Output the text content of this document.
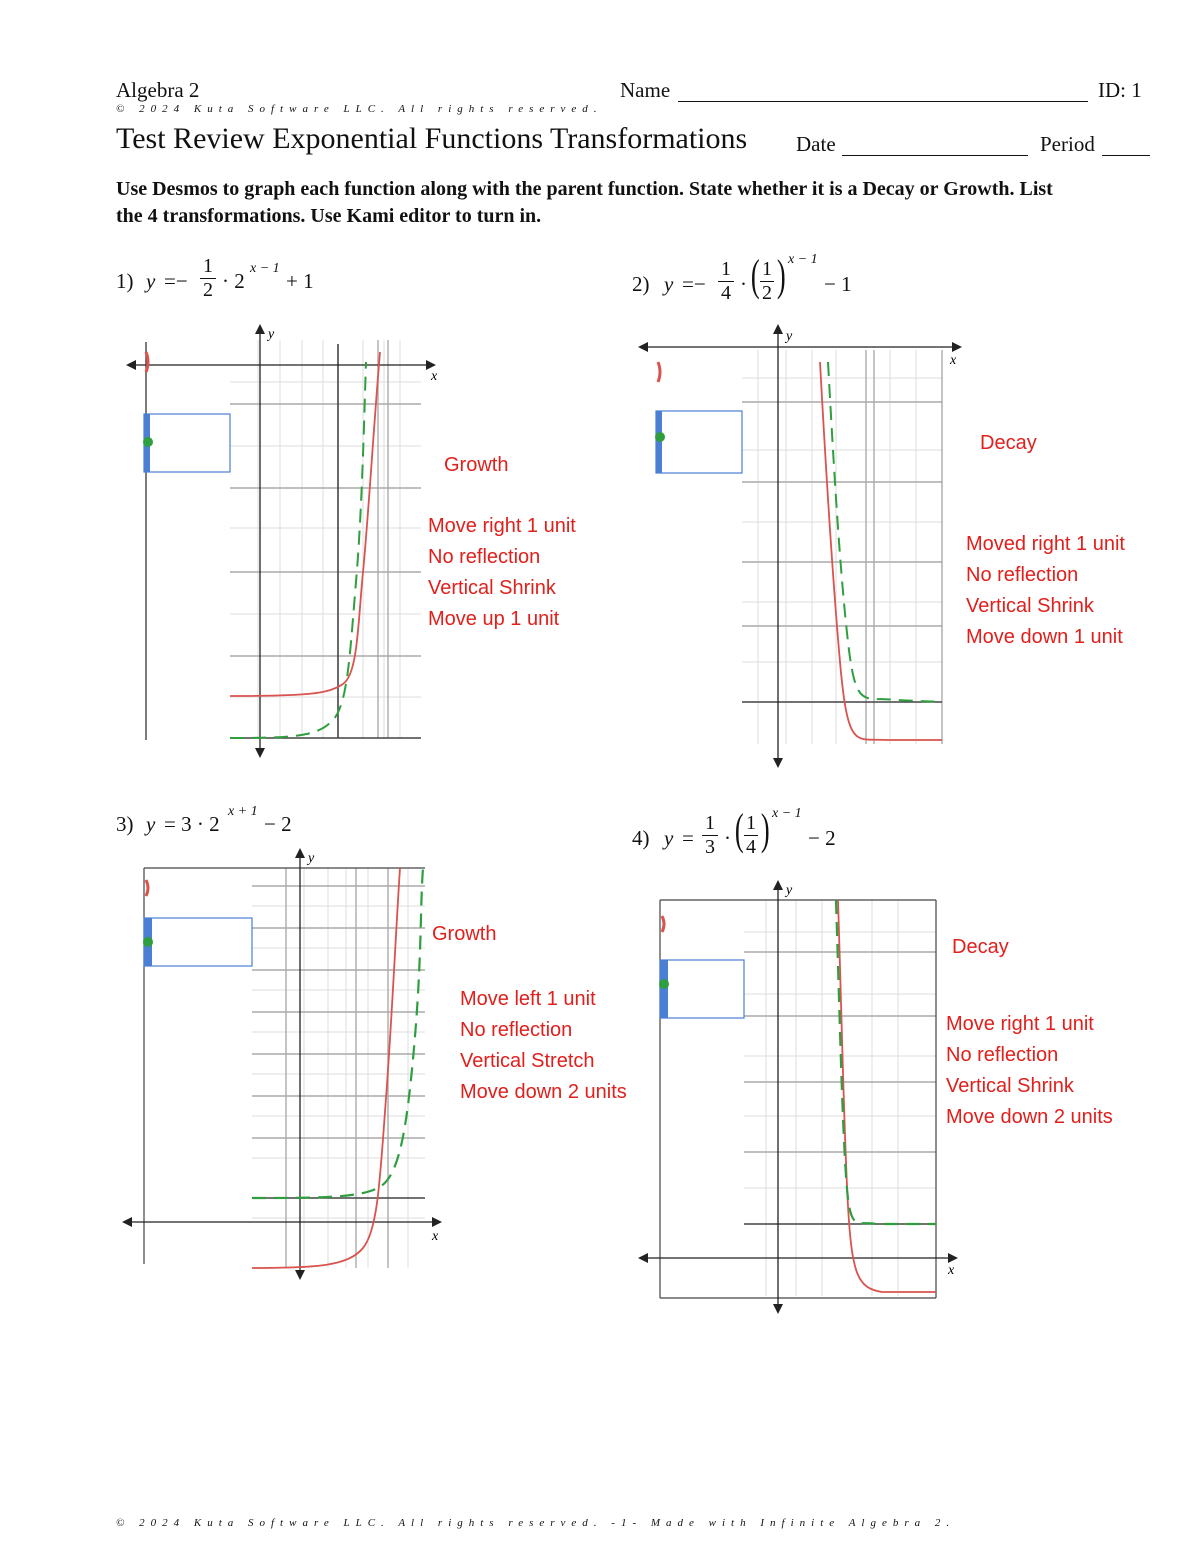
Algebra 2	Name	ID: 1
© 2024 Kuta Software LLC. All rights reserved.
Test Review Exponential Functions Transformations Date	Period
Use Desmos to graph each function along with the parent function. State whether it is a Decay or Growth. List the 4 transformations. Use Kami editor to turn in.
1) $y =- \frac{1}{2} \cdot 2$
x − 1
+ 1	2) $y =- \frac{1}{4}$ · ( $\frac{1}{2}$ ) x − 1
− 1
3) y = 3 · 2
x + 1
− 2
4) $y = \frac{1}{3}$ · ( $\frac{1}{4}$ ) x − 1
− 2
y
x
y
x
y
x
y
x
Growth
Move right 1 unit
No reflection
Vertical Shrink
Move up 1 unit
Decay
Moved right 1 unit
No reflection
Vertical Shrink
Move down 1 unit
Growth
Move left 1 unit
No reflection
Vertical Stretch
Move down 2 units
Decay
Move right 1 unit
No reflection
Vertical Shrink
Move down 2 units
© 2024 Kuta Software LLC. All rights reserved. -1- Made with Infinite Algebra 2.
